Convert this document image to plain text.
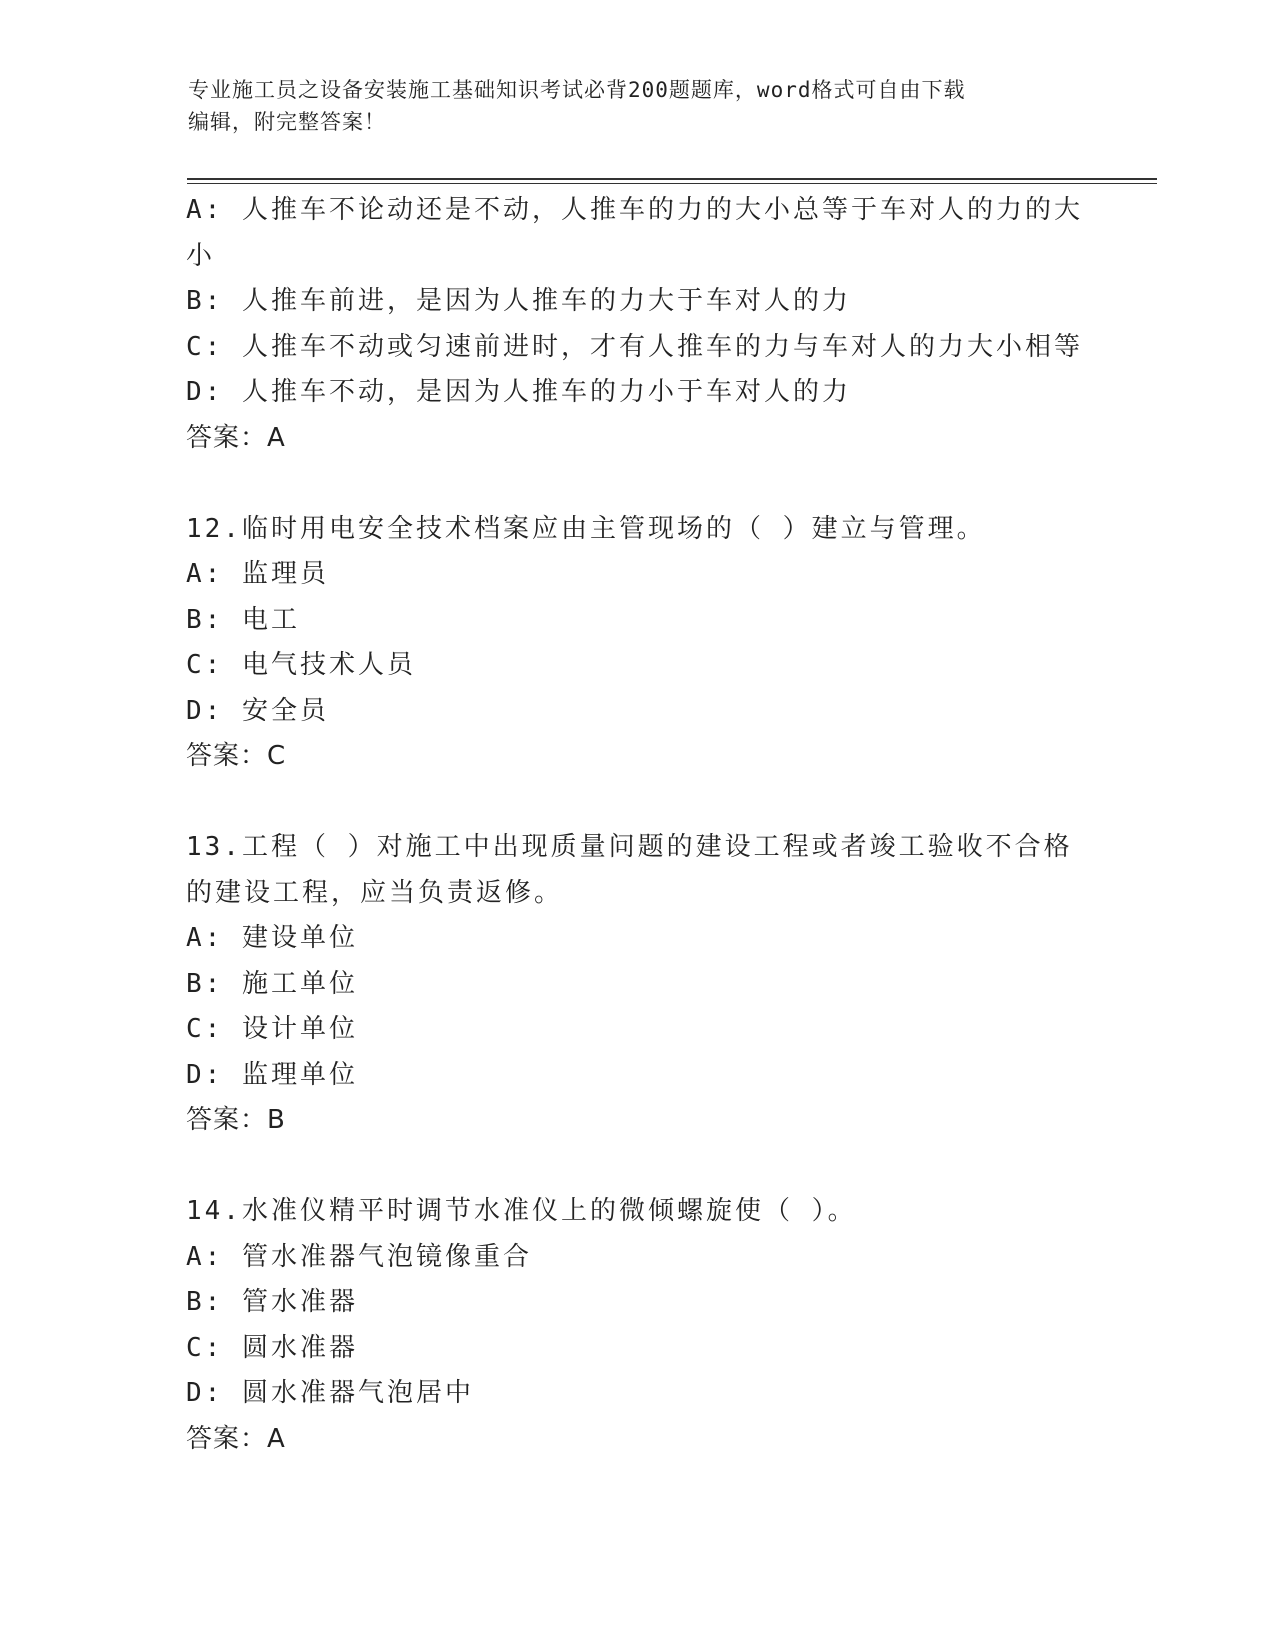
专业施工员之设备安装施工基础知识考试必背200题题库，word格式可自由下载
编辑，附完整答案！
A: 人推车不论动还是不动，人推车的力的大小总等于车对人的力的大
小
B: 人推车前进，是因为人推车的力大于车对人的力
C: 人推车不动或匀速前进时，才有人推车的力与车对人的力大小相等
D: 人推车不动，是因为人推车的力小于车对人的力
答案：A
12.临时用电安全技术档案应由主管现场的（ ）建立与管理。
A: 监理员
B: 电工
C: 电气技术人员
D: 安全员
答案：C
13.工程（ ）对施工中出现质量问题的建设工程或者竣工验收不合格
的建设工程，应当负责返修。
A: 建设单位
B: 施工单位
C: 设计单位
D: 监理单位
答案：B
14.水准仪精平时调节水准仪上的微倾螺旋使（ ）。
A: 管水准器气泡镜像重合
B: 管水准器
C: 圆水准器
D: 圆水准器气泡居中
答案：A
